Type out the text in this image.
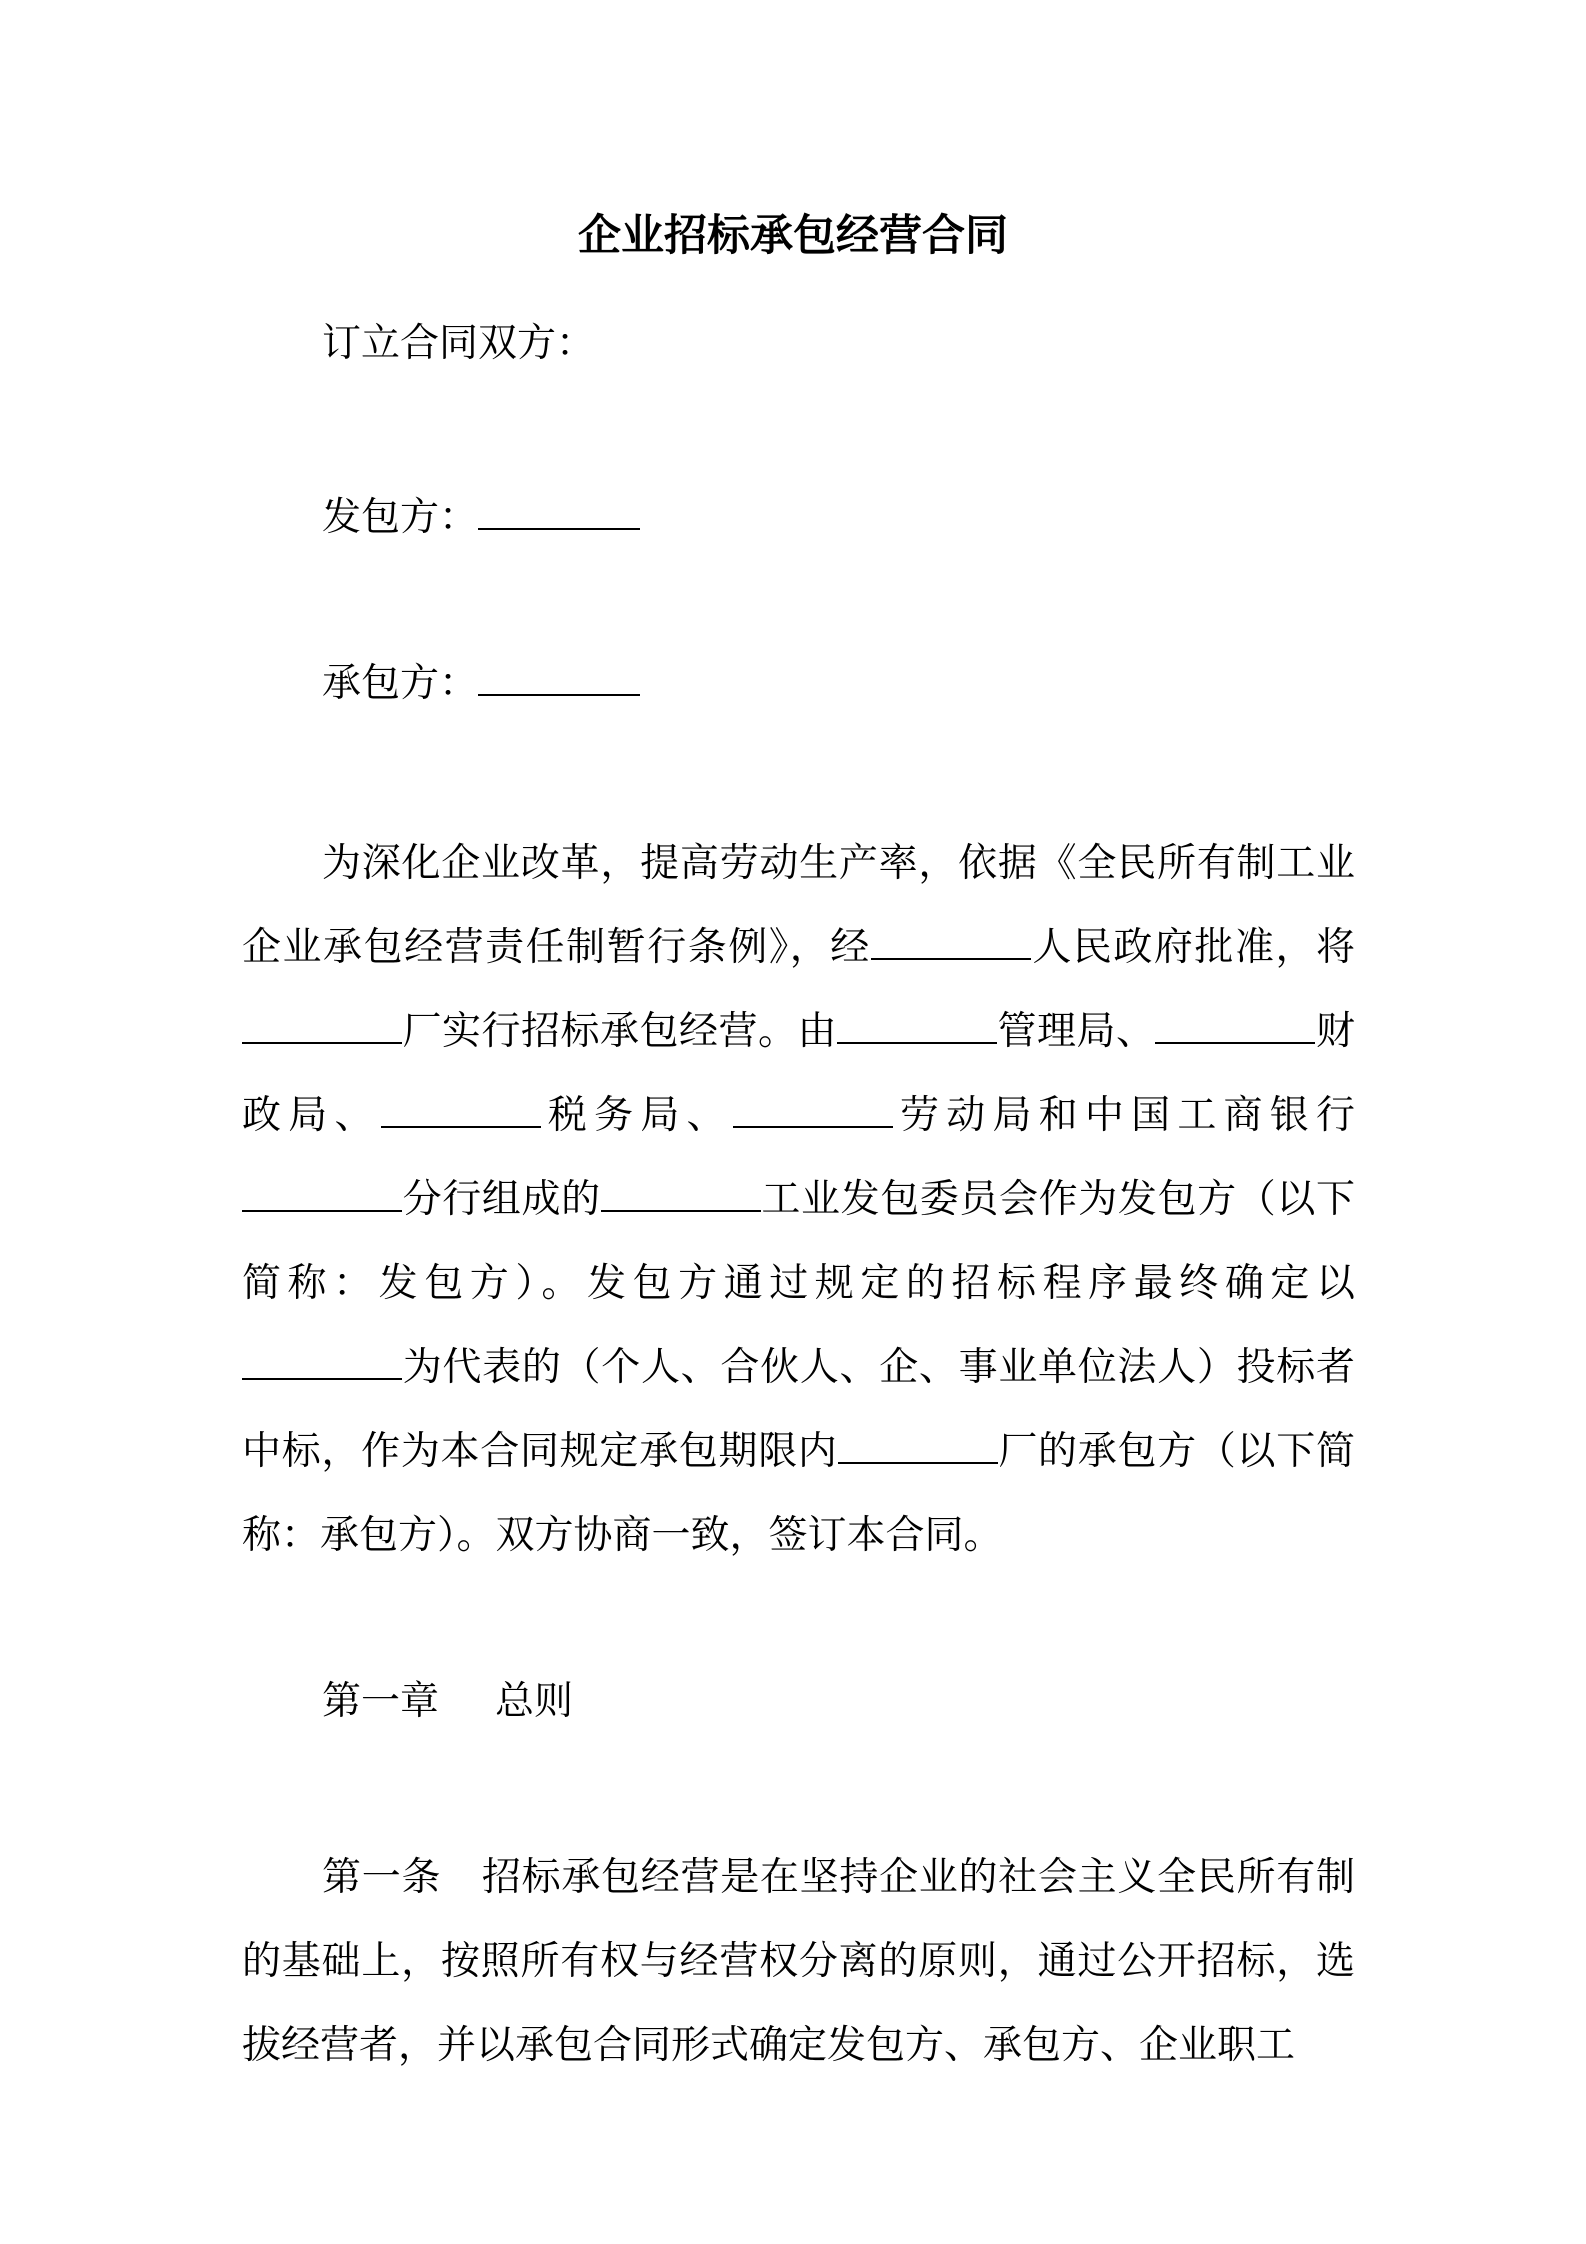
企业招标承包经营合同
订立合同双方：
发包方：
承包方：

为深化企业改革，提高劳动生产率，依据《全民所有制工业企业承包经营责任制暂行条例》，经	人民政府批准，将厂实行招标承包经营。由	管理局、	财政局、	税务局、	劳动局和中国工商银行分行组成的	工业发包委员会作为发包方（以下简称：发包方）。发包方通过规定的招标程序最终确定以为代表的（个人、合伙人、企、事业单位法人）投标者中标，作为本合同规定承包期限内	厂的承包方（以下简称：承包方）。双方协商一致，签订本合同。

第一章 总则

第一条 招标承包经营是在坚持企业的社会主义全民所有制的基础上，按照所有权与经营权分离的原则，通过公开招标，选拔经营者，并以承包合同形式确定发包方、承包方、企业职工
